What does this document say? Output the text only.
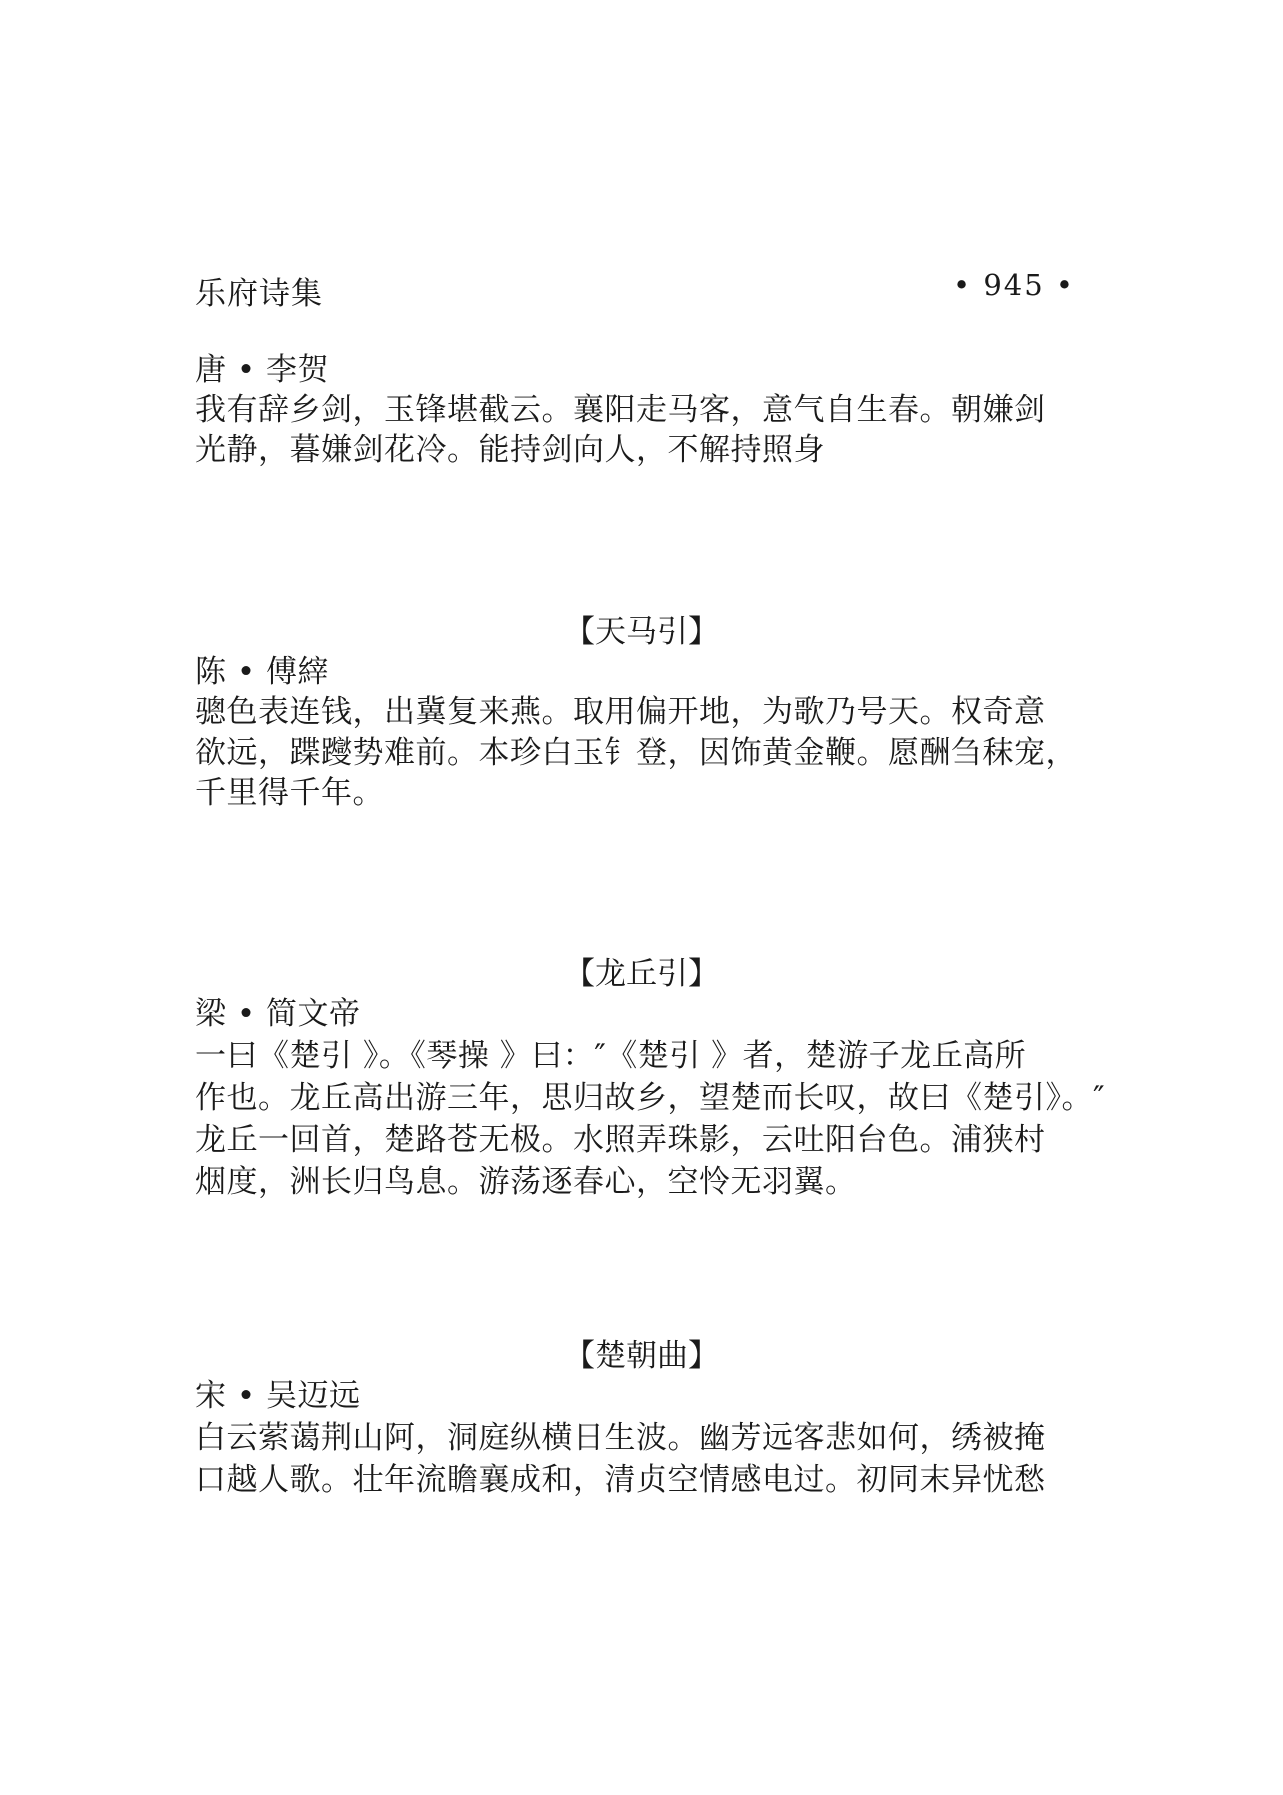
乐府诗集	• 945 •
唐 • 李贺
我有辞乡剑，玉锋堪截云。襄阳走马客，意气自生春。朝嫌剑
光静，暮嫌剑花冷。能持剑向人，不解持照身
【天马引】
陈 • 傅縡
骢色表连钱，出冀复来燕。取用偏开地，为歌乃号天。权奇意
欲远，蹀躞势难前。本珍白玉钅登，因饰黄金鞭。愿酬刍秣宠，
千里得千年。
【龙丘引】
梁 • 简文帝
一曰《楚引 》。《琴操 》曰：″《楚引 》者，楚游子龙丘高所
作也。龙丘高出游三年，思归故乡，望楚而长叹，故曰《楚引》。″
龙丘一回首，楚路苍无极。水照弄珠影，云吐阳台色。浦狭村
烟度，洲长归鸟息。游荡逐春心，空怜无羽翼。
【楚朝曲】
宋 • 吴迈远
白云萦蔼荆山阿，洞庭纵横日生波。幽芳远客悲如何，绣被掩
口越人歌。壮年流瞻襄成和，清贞空情感电过。初同末异忧愁
